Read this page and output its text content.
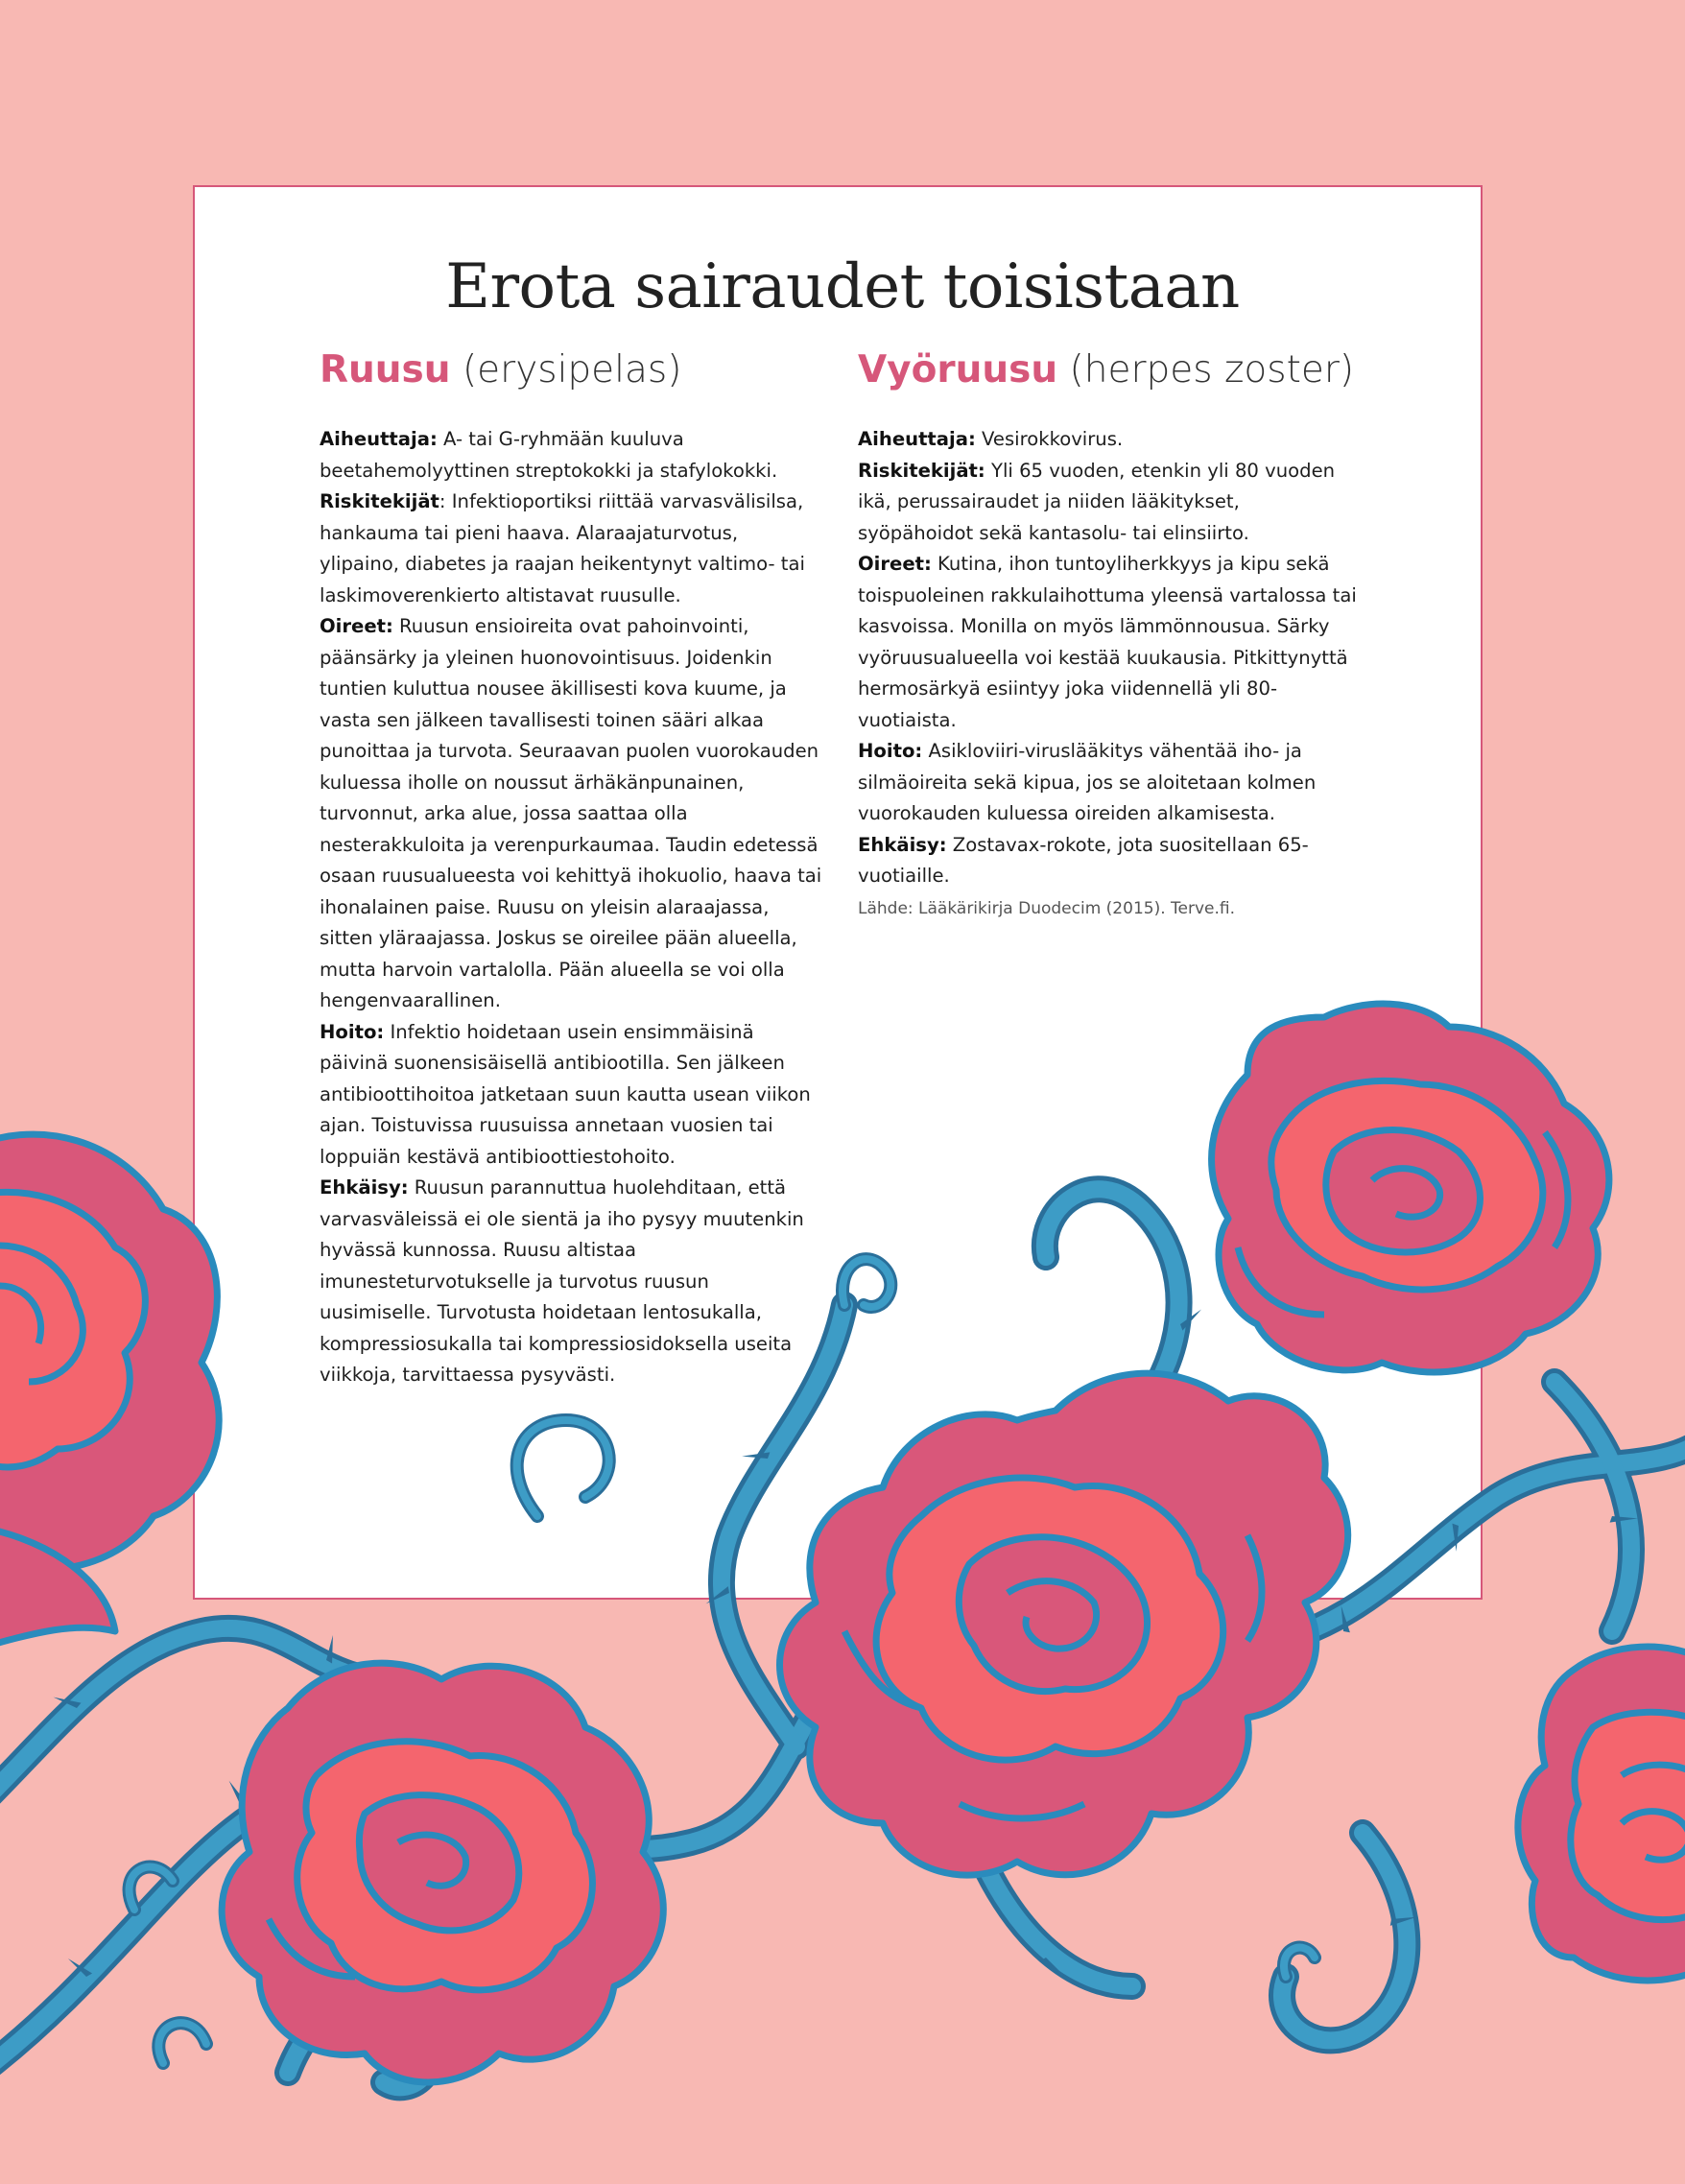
Erota sairaudet toisistaan
Ruusu (erysipelas)

Aiheuttaja: A- tai G-ryhmään kuuluva beetahemolyyttinen streptokokki ja stafylokokki.

Riskitekijät: Infektioportiksi riittää varvasvälisilsa, hankauma tai pieni haava. Alaraajaturvotus, ylipaino, diabetes ja raajan heikentynyt valtimo- tai laskimoverenkierto altistavat ruusulle.

Oireet: Ruusun ensioireita ovat pahoinvointi, päänsärky ja yleinen huonovointisuus. Joidenkin tuntien kuluttua nousee äkillisesti kova kuume, ja vasta sen jälkeen tavallisesti toinen sääri alkaa punoittaa ja turvota. Seuraavan puolen vuorokauden kuluessa iholle on noussut ärhäkänpunainen, turvonnut, arka alue, jossa saattaa olla nesterakkuloita ja verenpurkaumaa. Taudin edetessä osaan ruusualueesta voi kehittyä ihokuolio, haava tai ihonalainen paise. Ruusu on yleisin alaraajassa, sitten yläraajassa. Joskus se oireilee pään alueella, mutta harvoin vartalolla. Pään alueella se voi olla hengenvaarallinen.

Hoito: Infektio hoidetaan usein ensimmäisinä päivinä suonensisäisellä antibiootilla. Sen jälkeen antibioottihoitoa jatketaan suun kautta usean viikon ajan. Toistuvissa ruusuissa annetaan vuosien tai loppuiän kestävä antibioottiestohoito.

Ehkäisy: Ruusun parannuttua huolehditaan, että varvasväleissä ei ole sientä ja iho pysyy muutenkin hyvässä kunnossa. Ruusu altistaa imunesteturvotukselle ja turvotus ruusun uusimiselle. Turvotusta hoidetaan lentosukalla, kompressiosukalla tai kompressiosidoksella useita viikkoja, tarvittaessa pysyvästi.

Vyöruusu (herpes zoster)

Aiheuttaja: Vesirokkovirus.

Riskitekijät: Yli 65 vuoden, etenkin yli 80 vuoden ikä, perussairaudet ja niiden lääkitykset, syöpähoidot sekä kantasolu- tai elinsiirto.

Oireet: Kutina, ihon tuntoyliherkkyys ja kipu sekä toispuoleinen rakkulaihottuma yleensä vartalossa tai kasvoissa. Monilla on myös lämmönnousua. Särky vyöruusualueella voi kestää kuukausia. Pitkittynyttä hermosärkyä esiintyy joka viidennellä yli 80-vuotiaista.

Hoito: Asikloviiri-viruslääkitys vähentää iho- ja silmäoireita sekä kipua, jos se aloitetaan kolmen vuorokauden kuluessa oireiden alkamisesta.

Ehkäisy: Zostavax-rokote, jota suositellaan 65-vuotiaille.

Lähde: Lääkärikirja Duodecim (2015). Terve.fi.
